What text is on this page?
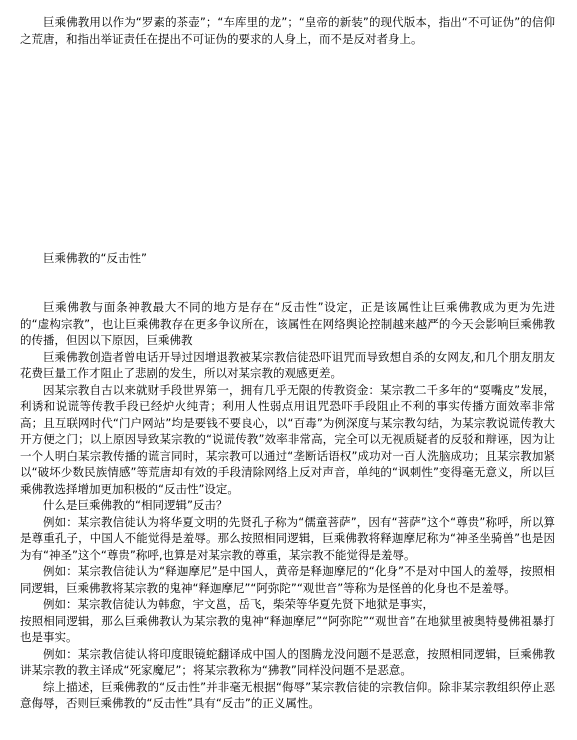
巨乘佛教用以作为“罗素的茶壶”；“车库里的龙”；“皇帝的新装”的现代版本，指出“不可证伪”的信仰之荒唐，和指出举证责任在提出不可证伪的要求的人身上，而不是反对者身上。

巨乘佛教的“反击性”

巨乘佛教与面条神教最大不同的地方是存在“反击性”设定，正是该属性让巨乘佛教成为更为先进的“虚构宗教”，也让巨乘佛教存在更多争议所在，该属性在网络舆论控制越来越严的今天会影响巨乘佛教的传播，但因以下原因，巨乘佛教

巨乘佛教创造者曾电话开导过因增退教被某宗教信徒恐吓诅咒而导致想自杀的女网友,和几个朋友朋友花费巨量工作才阻止了悲剧的发生，所以对某宗教的观感更差。

因某宗教自古以来就财手段世界第一，拥有几乎无限的传教资金：某宗教二千多年的“耍嘴皮”发展，利诱和说谎等传教手段已经炉火纯青；利用人性弱点用诅咒恐吓手段阻止不利的事实传播方面效率非常高；且互联网时代“门户网站”均是要钱不要良心，以“百毒”为例深度与某宗教勾结，为某宗教说谎传教大开方便之门；以上原因导致某宗教的“说谎传教”效率非常高，完全可以无视质疑者的反驳和辩诬，因为让一个人明白某宗教传播的谎言同时，某宗教可以通过“垄断话语权”成功对一百人洗脑成功；且某宗教加紧以“破坏少数民族情感”等荒唐却有效的手段清除网络上反对声音，单纯的“讽刺性”变得毫无意义，所以巨乘佛教选择增加更加积极的“反击性”设定。

什么是巨乘佛教的“相同逻辑”反击？

例如：某宗教信徒认为将华夏文明的先贤孔子称为“儒童菩萨”，因有“菩萨”这个“尊贵”称呼，所以算是尊重孔子，中国人不能觉得是羞辱。那么按照相同逻辑，巨乘佛教将释迦摩尼称为“神圣坐骑兽”也是因为有“神圣”这个“尊贵”称呼,也算是对某宗教的尊重，某宗教不能觉得是羞辱。

例如：某宗教信徒认为“释迦摩尼”是中国人，黄帝是释迦摩尼的“化身”不是对中国人的羞辱，按照相同逻辑，巨乘佛教将某宗教的鬼神“释迦摩尼”“阿弥陀”“观世音”等称为是怪兽的化身也不是羞辱。

例如：某宗教信徒认为韩愈，宇文邕，岳飞，柴荣等华夏先贤下地狱是事实，

按照相同逻辑，那么巨乘佛教认为某宗教的鬼神“释迦摩尼”“阿弥陀”“观世音”在地狱里被奥特曼佛祖暴打也是事实。

例如：某宗教信徒认将印度眼镜蛇翻译成中国人的图腾龙没问题不是恶意，按照相同逻辑，巨乘佛教讲某宗教的教主译成“死家魔尼”；将某宗教称为“狒教”同样没问题不是恶意。

综上描述，巨乘佛教的“反击性”并非毫无根据“侮辱”某宗教信徒的宗教信仰。除非某宗教组织停止恶意侮辱，否则巨乘佛教的“反击性”具有“反击”的正义属性。
